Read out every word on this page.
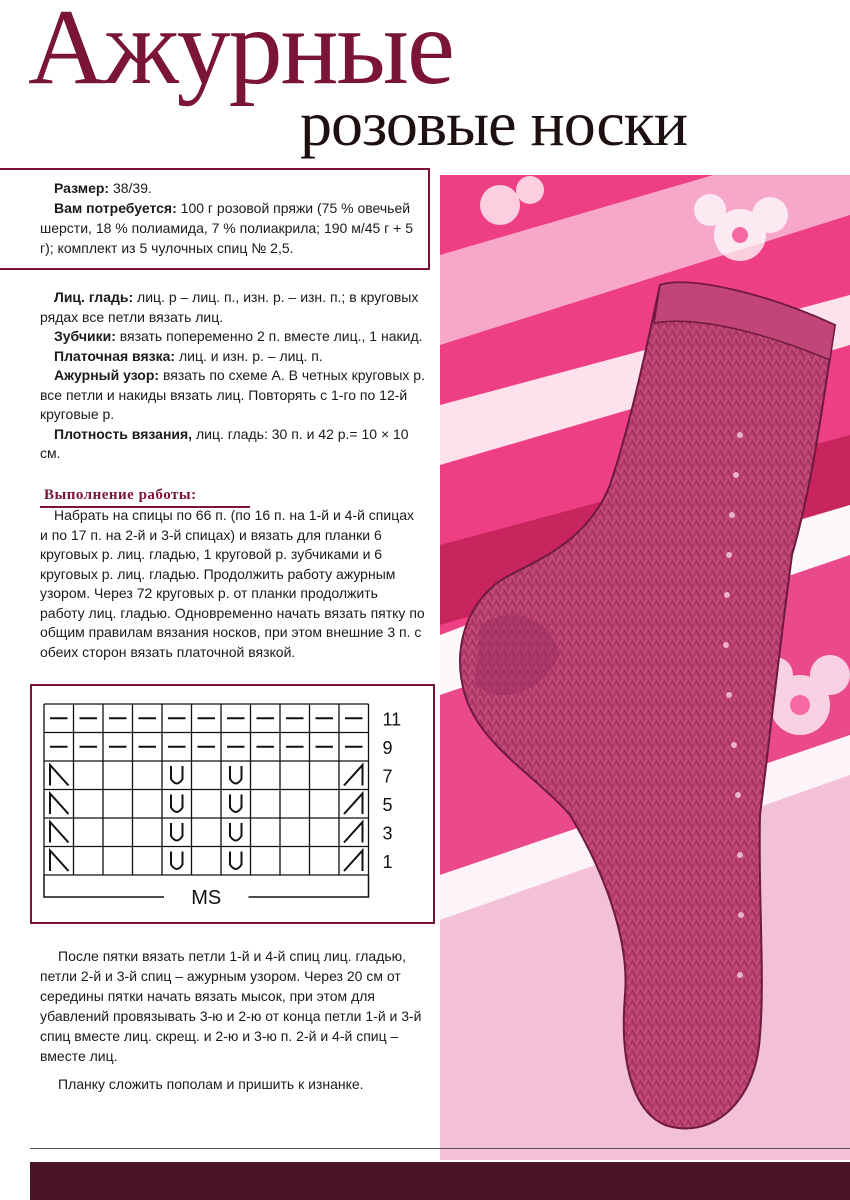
Ажурные
розовые носки

Размер: 38/39.

Вам потребуется: 100 г розовой пряжи (75 % овечьей шерсти, 18 % полиамида, 7 % полиакрила; 190 м/45 г + 5 г); комплект из 5 чулочных спиц № 2,5.

Лиц. гладь: лиц. р – лиц. п., изн. р. – изн. п.; в круговых рядах все петли вязать лиц.

Зубчики: вязать попеременно 2 п. вместе лиц., 1 накид.

Платочная вязка: лиц. и изн. р. – лиц. п.

Ажурный узор: вязать по схеме А. В четных круговых р. все петли и накиды вязать лиц. Повторять с 1-го по 12-й круговые р.

Плотность вязания, лиц. гладь: 30 п. и 42 р.= 10 × 10 см.

Выполнение работы:

Набрать на спицы по 66 п. (по 16 п. на 1-й и 4-й спицах и по 17 п. на 2-й и 3-й спицах) и вязать для планки 6 круговых р. лиц. гладью, 1 круговой р. зубчиками и 6 круговых р. лиц. гладью. Продолжить работу ажурным узором. Через 72 круговых р. от планки продолжить работу лиц. гладью. Одновременно начать вязать пятку по общим правилам вязания носков, при этом внешние 3 п. с обеих сторон вязать платочной вязкой.

11
9
7
5
3
1
MS

После пятки вязать петли 1-й и 4-й спиц лиц. гладью, петли 2-й и 3-й спиц – ажурным узором. Через 20 см от середины пятки начать вязать мысок, при этом для убавлений провязывать 3-ю и 2-ю от конца петли 1-й и 3-й спиц вместе лиц. скрещ. и 2-ю и 3-ю п. 2-й и 4-й спиц – вместе лиц.

Планку сложить пополам и пришить к изнанке.
